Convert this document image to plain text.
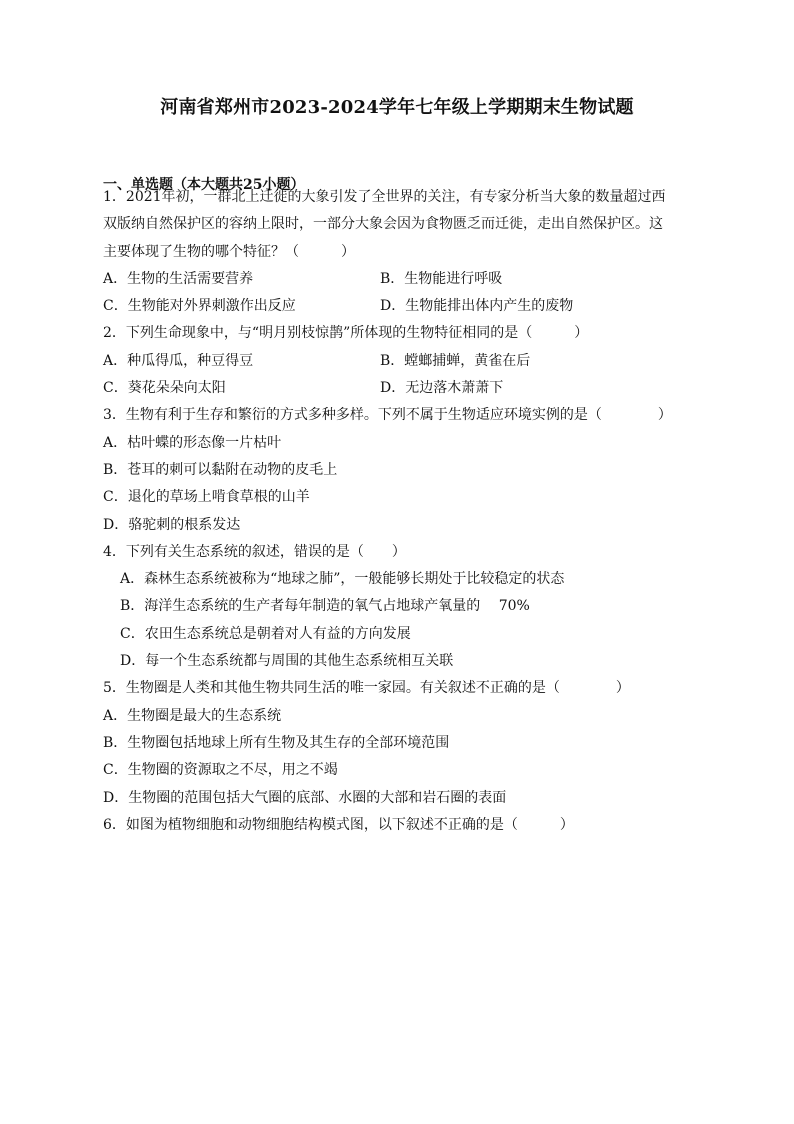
河南省郑州市2023-2024学年七年级上学期期末生物试题
一、单选题（本大题共25小题）
1．2021年初，一群北上迁徙的大象引发了全世界的关注，有专家分析当大象的数量超过西
双版纳自然保护区的容纳上限时，一部分大象会因为食物匮乏而迁徙，走出自然保护区。这
主要体现了生物的哪个特征？（　　　）
A．生物的生活需要营养	B．生物能进行呼吸
C．生物能对外界刺激作出反应	D．生物能排出体内产生的废物
2．下列生命现象中，与“明月别枝惊鹊”所体现的生物特征相同的是（　　　）
A．种瓜得瓜，种豆得豆	B．螳螂捕蝉，黄雀在后
C．葵花朵朵向太阳	D．无边落木萧萧下
3．生物有利于生存和繁衍的方式多种多样。下列不属于生物适应环境实例的是（　　　　）
A．枯叶蝶的形态像一片枯叶
B．苍耳的刺可以黏附在动物的皮毛上
C．退化的草场上啃食草根的山羊
D．骆驼刺的根系发达
4．下列有关生态系统的叙述，错误的是（　　）
A．森林生态系统被称为“地球之肺”，一般能够长期处于比较稳定的状态
B．海洋生态系统的生产者每年制造的氧气占地球产氧量的　 70%
C．农田生态系统总是朝着对人有益的方向发展
D．每一个生态系统都与周围的其他生态系统相互关联
5．生物圈是人类和其他生物共同生活的唯一家园。有关叙述不正确的是（　　　　）
A．生物圈是最大的生态系统
B．生物圈包括地球上所有生物及其生存的全部环境范围
C．生物圈的资源取之不尽，用之不竭
D．生物圈的范围包括大气圈的底部、水圈的大部和岩石圈的表面
6．如图为植物细胞和动物细胞结构模式图，以下叙述不正确的是（　　　）
